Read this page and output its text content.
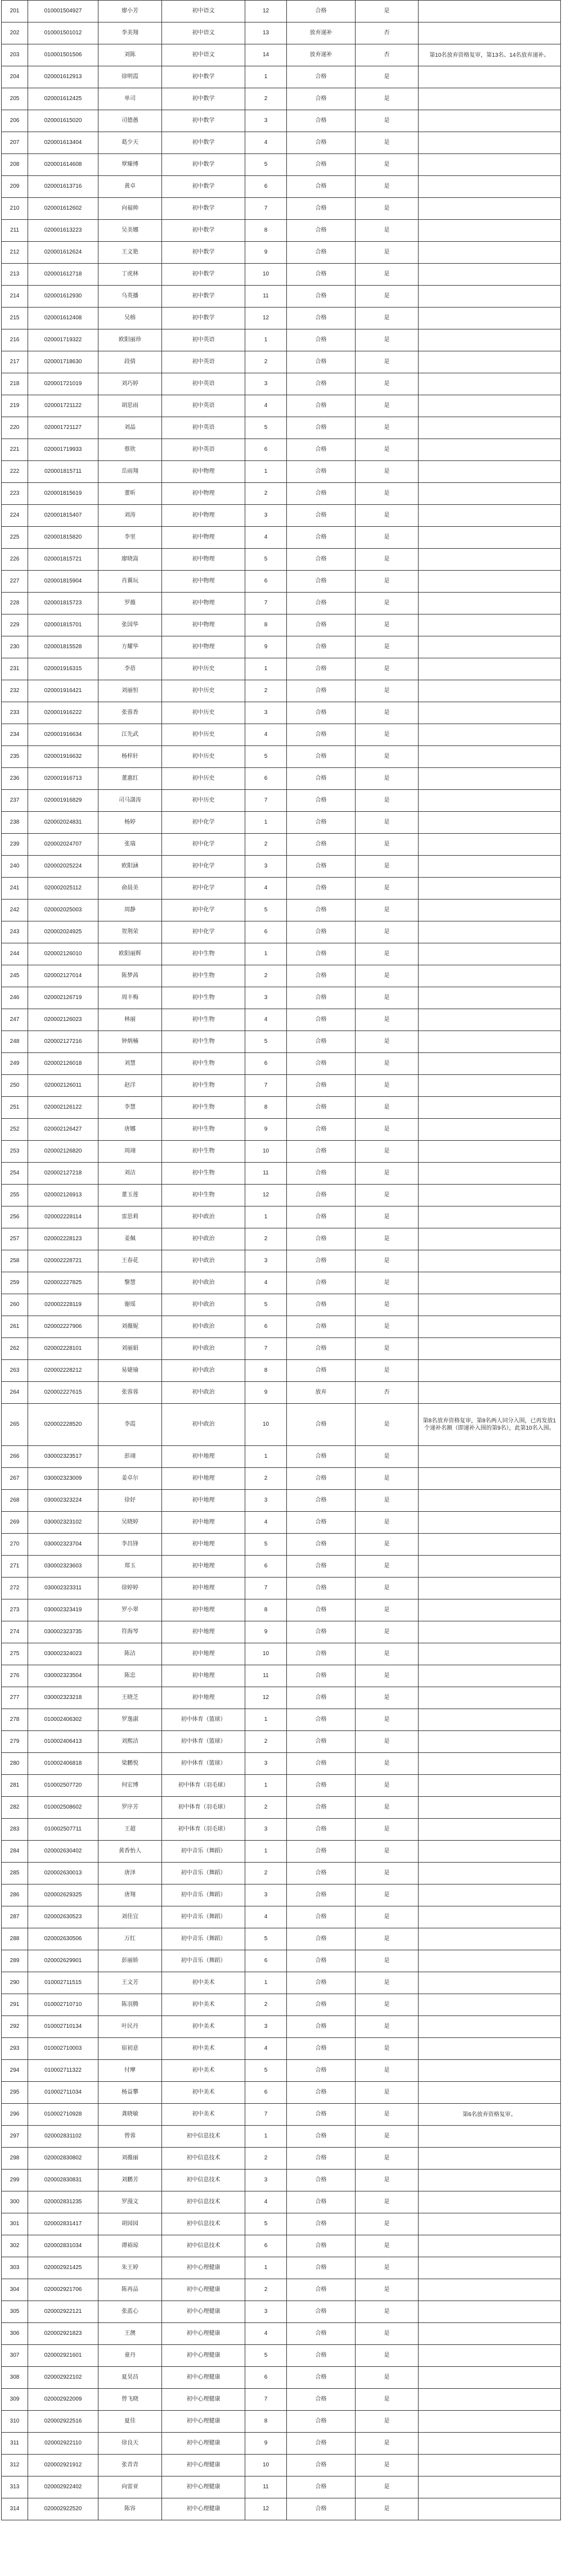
201	010001504927	廖小芳	初中语文	12	合格	是	
202	010001501012	李美翔	初中语文	13	放弃递补	否	
203	010001501506	刘陈	初中语文	14	放弃递补	否	第10名放弃资格复审，第13名、14名放弃递补。
204	020001612913	徐明霞	初中数学	1	合格	是	
205	020001612425	单司	初中数学	2	合格	是	
206	020001615020	司德愚	初中数学	3	合格	是	
207	020001613404	葛少天	初中数学	4	合格	是	
208	020001614608	覃臻博	初中数学	5	合格	是	
209	020001613716	黄卓	初中数学	6	合格	是	
210	020001612602	向福帅	初中数学	7	合格	是	
211	020001613223	吴美娜	初中数学	8	合格	是	
212	020001612624	王文艳	初中数学	9	合格	是	
213	020001612718	丁虎林	初中数学	10	合格	是	
214	020001612930	乌英播	初中数学	11	合格	是	
215	020001612408	吴榕	初中数学	12	合格	是	
216	020001719322	欧阳丽珍	初中英语	1	合格	是	
217	020001718630	段倩	初中英语	2	合格	是	
218	020001721019	刘巧婷	初中英语	3	合格	是	
219	020001721122	胡思雨	初中英语	4	合格	是	
220	020001721127	刘晶	初中英语	5	合格	是	
221	020001719933	蔡欣	初中英语	6	合格	是	
222	020001815711	岳雨翔	初中物理	1	合格	是	
223	020001815619	董昕	初中物理	2	合格	是	
224	020001815407	刘涛	初中物理	3	合格	是	
225	020001815820	李里	初中物理	4	合格	是	
226	020001815721	廖晓嵩	初中物理	5	合格	是	
227	020001815904	肖翼玩	初中物理	6	合格	是	
228	020001815723	罗薇	初中物理	7	合格	是	
229	020001815701	张国华	初中物理	8	合格	是	
230	020001815528	方耀华	初中物理	9	合格	是	
231	020001916315	李蓓	初中历史	1	合格	是	
232	020001916421	刘丽恒	初中历史	2	合格	是	
233	020001916222	张蓉香	初中历史	3	合格	是	
234	020001916634	江先武	初中历史	4	合格	是	
235	020001916632	杨梓轩	初中历史	5	合格	是	
236	020001916713	董惠红	初中历史	6	合格	是	
237	020001916829	司马潇涛	初中历史	7	合格	是	
238	020002024831	杨婷	初中化学	1	合格	是	
239	020002024707	张瑞	初中化学	2	合格	是	
240	020002025224	欧阳涵	初中化学	3	合格	是	
241	020002025112	俞晨美	初中化学	4	合格	是	
242	020002025003	周静	初中化学	5	合格	是	
243	020002024925	贺荆荣	初中化学	6	合格	是	
244	020002126010	欧阳丽辉	初中生物	1	合格	是	
245	020002127014	陈梦茜	初中生物	2	合格	是	
246	020002126719	周丰梅	初中生物	3	合格	是	
247	020002126023	林丽	初中生物	4	合格	是	
248	020002127216	钟炳楠	初中生物	5	合格	是	
249	020002126018	刘慧	初中生物	6	合格	是	
250	020002126011	赵洋	初中生物	7	合格	是	
251	020002126122	李慧	初中生物	8	合格	是	
252	020002126427	唐娜	初中生物	9	合格	是	
253	020002126820	周翊	初中生物	10	合格	是	
254	020002127218	刘洁	初中生物	11	合格	是	
255	020002126913	董玉莲	初中生物	12	合格	是	
256	020002228114	雷思莉	初中政治	1	合格	是	
257	020002228123	姜佩	初中政治	2	合格	是	
258	020002228721	王春花	初中政治	3	合格	是	
259	020002227825	黎慧	初中政治	4	合格	是	
260	020002228119	谢瑶	初中政治	5	合格	是	
261	020002227906	刘薇妮	初中政治	6	合格	是	
262	020002228101	刘丽娟	初中政治	7	合格	是	
263	020002228212	易婕瑜	初中政治	8	合格	是	
264	020002227615	张蓉蓉	初中政治	9	放弃	否	
265	020002228520	李霞	初中政治	10	合格	是	第8名放弃资格复审，第8名两人同分入围，已再发放1个递补名额（即递补入围的第9名），此第10名入围。
266	030002323517	彭翊	初中地理	1	合格	是	
267	030002323009	姜卓尔	初中地理	2	合格	是	
268	030002323224	徐妤	初中地理	3	合格	是	
269	030002323102	吴晓婷	初中地理	4	合格	是	
270	030002323704	李昌锋	初中地理	5	合格	是	
271	030002323603	郑玉	初中地理	6	合格	是	
272	030002323311	徐婷婷	初中地理	7	合格	是	
273	030002323419	罗小翠	初中地理	8	合格	是	
274	030002323735	符海琴	初中地理	9	合格	是	
275	030002324023	陈洁	初中地理	10	合格	是	
276	030002323504	陈忠	初中地理	11	合格	是	
277	030002323218	王晓芝	初中地理	12	合格	是	
278	010002406302	罗逸淑	初中体育（篮球）	1	合格	是	
279	010002406413	刘熙洁	初中体育（篮球）	2	合格	是	
280	010002406818	梁鹏悦	初中体育（篮球）	3	合格	是	
281	010002507720	何宏博	初中体育（羽毛球）	1	合格	是	
282	010002508602	罗序芳	初中体育（羽毛球）	2	合格	是	
283	010002507711	王超	初中体育（羽毛球）	3	合格	是	
284	020002630402	黄香怡人	初中音乐（舞蹈）	1	合格	是	
285	020002630013	唐泽	初中音乐（舞蹈）	2	合格	是	
286	020002629325	唐翔	初中音乐（舞蹈）	3	合格	是	
287	020002630523	刘佳宜	初中音乐（舞蹈）	4	合格	是	
288	020002630506	万红	初中音乐（舞蹈）	5	合格	是	
289	020002629901	彭丽娇	初中音乐（舞蹈）	6	合格	是	
290	010002711515	王文芳	初中美术	1	合格	是	
291	010002710710	陈羽腾	初中美术	2	合格	是	
292	010002710134	叶民丹	初中美术	3	合格	是	
293	010002710003	宿初意	初中美术	4	合格	是	
294	010002711322	付摩	初中美术	5	合格	是	
295	010002711034	杨益攀	初中美术	6	合格	是	
296	010002710928	龚晓敏	初中美术	7	合格	是	第6名放弃资格复审。
297	020002831102	曾蓉	初中信息技术	1	合格	是	
298	020002830802	刘薇丽	初中信息技术	2	合格	是	
299	020002830831	刘鹏芳	初中信息技术	3	合格	是	
300	020002831235	罗漫文	初中信息技术	4	合格	是	
301	020002831417	胡园园	初中信息技术	5	合格	是	
302	020002831034	谭裕琼	初中信息技术	6	合格	是	
303	020002921425	朱王婷	初中心理健康	1	合格	是	
304	020002921706	陈再品	初中心理健康	2	合格	是	
305	020002922121	张蓝心	初中心理健康	3	合格	是	
306	020002921823	王澳	初中心理健康	4	合格	是	
307	020002921601	童丹	初中心理健康	5	合格	是	
308	020002922102	夏昊昌	初中心理健康	6	合格	是	
309	020002922009	曾飞晓	初中心理健康	7	合格	是	
310	020002922516	夏佳	初中心理健康	8	合格	是	
311	020002922110	徐良天	初中心理健康	9	合格	是	
312	020002921912	张青青	初中心理健康	10	合格	是	
313	020002922402	向雷亚	初中心理健康	11	合格	是	
314	020002922520	陈容	初中心理健康	12	合格	是	
